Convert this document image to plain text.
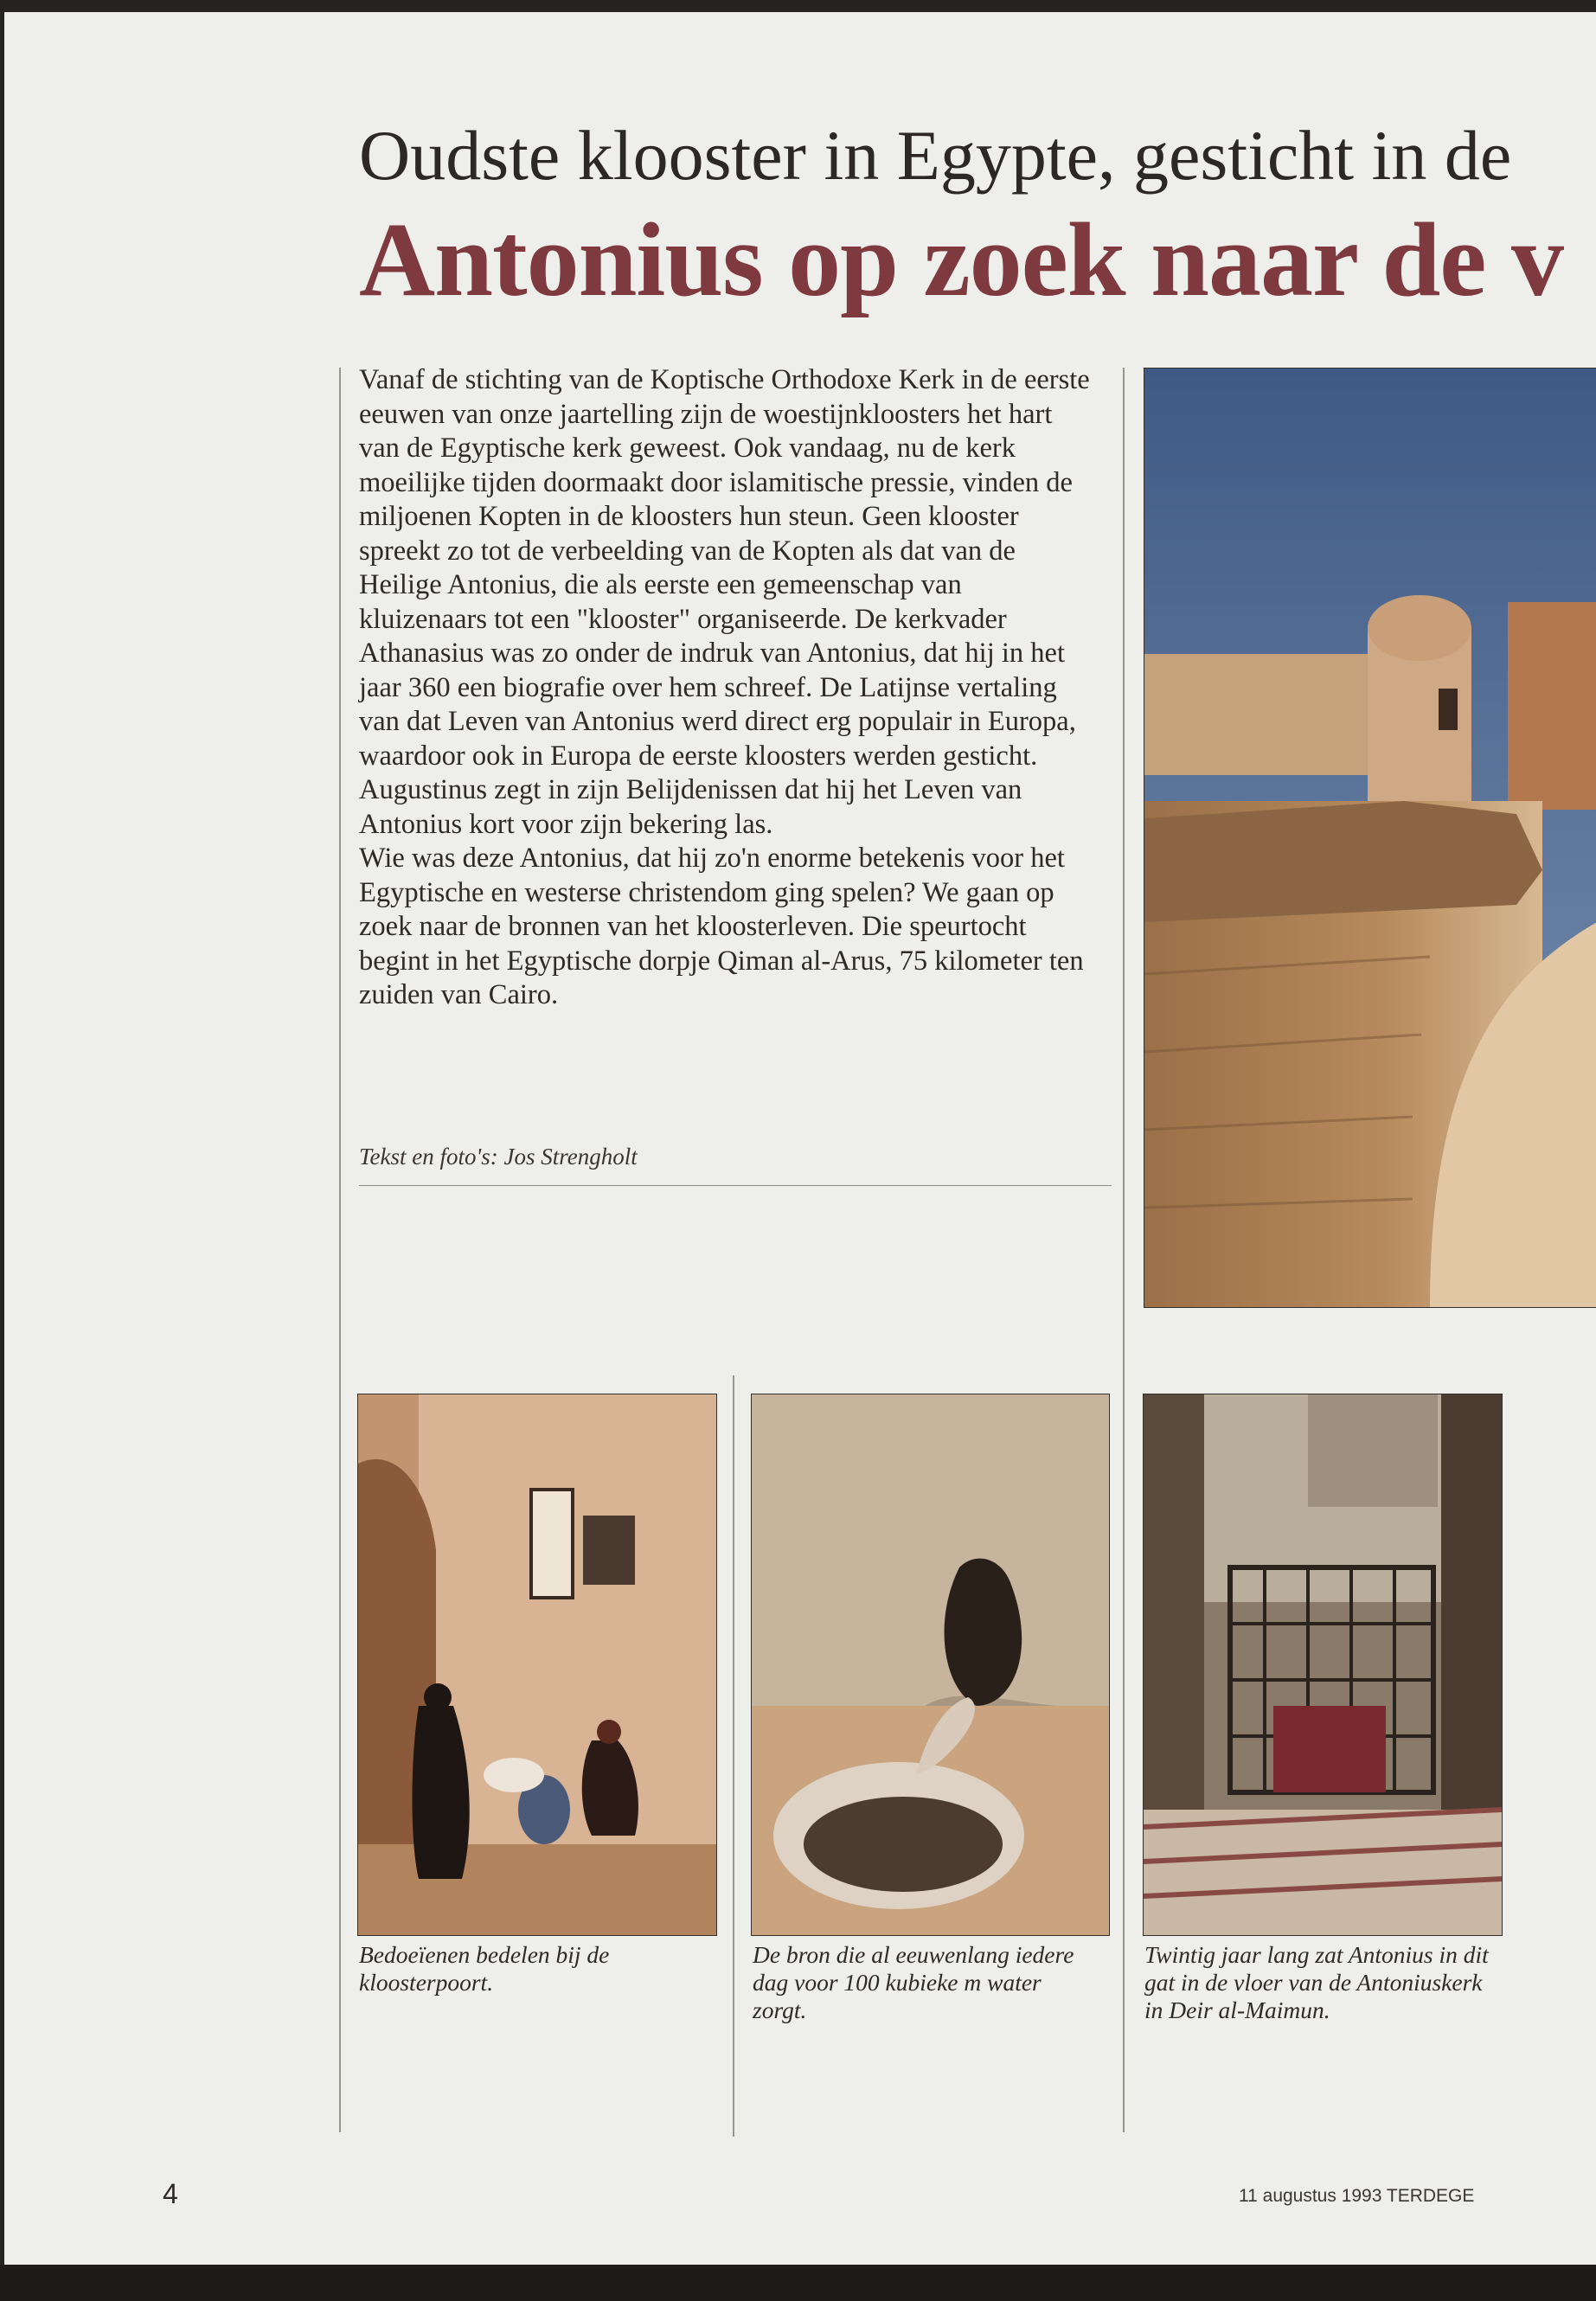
Oudste klooster in Egypte, gesticht in de
Antonius op zoek naar de v

Vanaf de stichting van de Koptische Orthodoxe Kerk in de eerste eeuwen van onze jaartelling zijn de woestijnkloosters het hart van de Egyptische kerk geweest. Ook vandaag, nu de kerk moeilijke tijden doormaakt door islamitische pressie, vinden de miljoenen Kopten in de kloosters hun steun. Geen klooster spreekt zo tot de verbeelding van de Kopten als dat van de Heilige Antonius, die als eerste een gemeenschap van kluizenaars tot een "klooster" organiseerde. De kerkvader Athanasius was zo onder de indruk van Antonius, dat hij in het jaar 360 een biografie over hem schreef. De Latijnse vertaling van dat Leven van Antonius werd direct erg populair in Europa, waardoor ook in Europa de eerste kloosters werden gesticht. Augustinus zegt in zijn Belijdenissen dat hij het Leven van Antonius kort voor zijn bekering las.

Wie was deze Antonius, dat hij zo'n enorme betekenis voor het Egyptische en westerse christendom ging spelen? We gaan op zoek naar de bronnen van het kloosterleven. Die speurtocht begint in het Egyptische dorpje Qiman al-Arus, 75 kilometer ten zuiden van Cairo.

Tekst en foto's: Jos Strengholt
Bedoeïenen bedelen bij de kloosterpoort.
De bron die al eeuwenlang iedere dag voor 100 kubieke m water zorgt.
Twintig jaar lang zat Antonius in dit gat in de vloer van de Antoniuskerk in Deir al-Maimun.
4	11 augustus 1993 TERDEGE
